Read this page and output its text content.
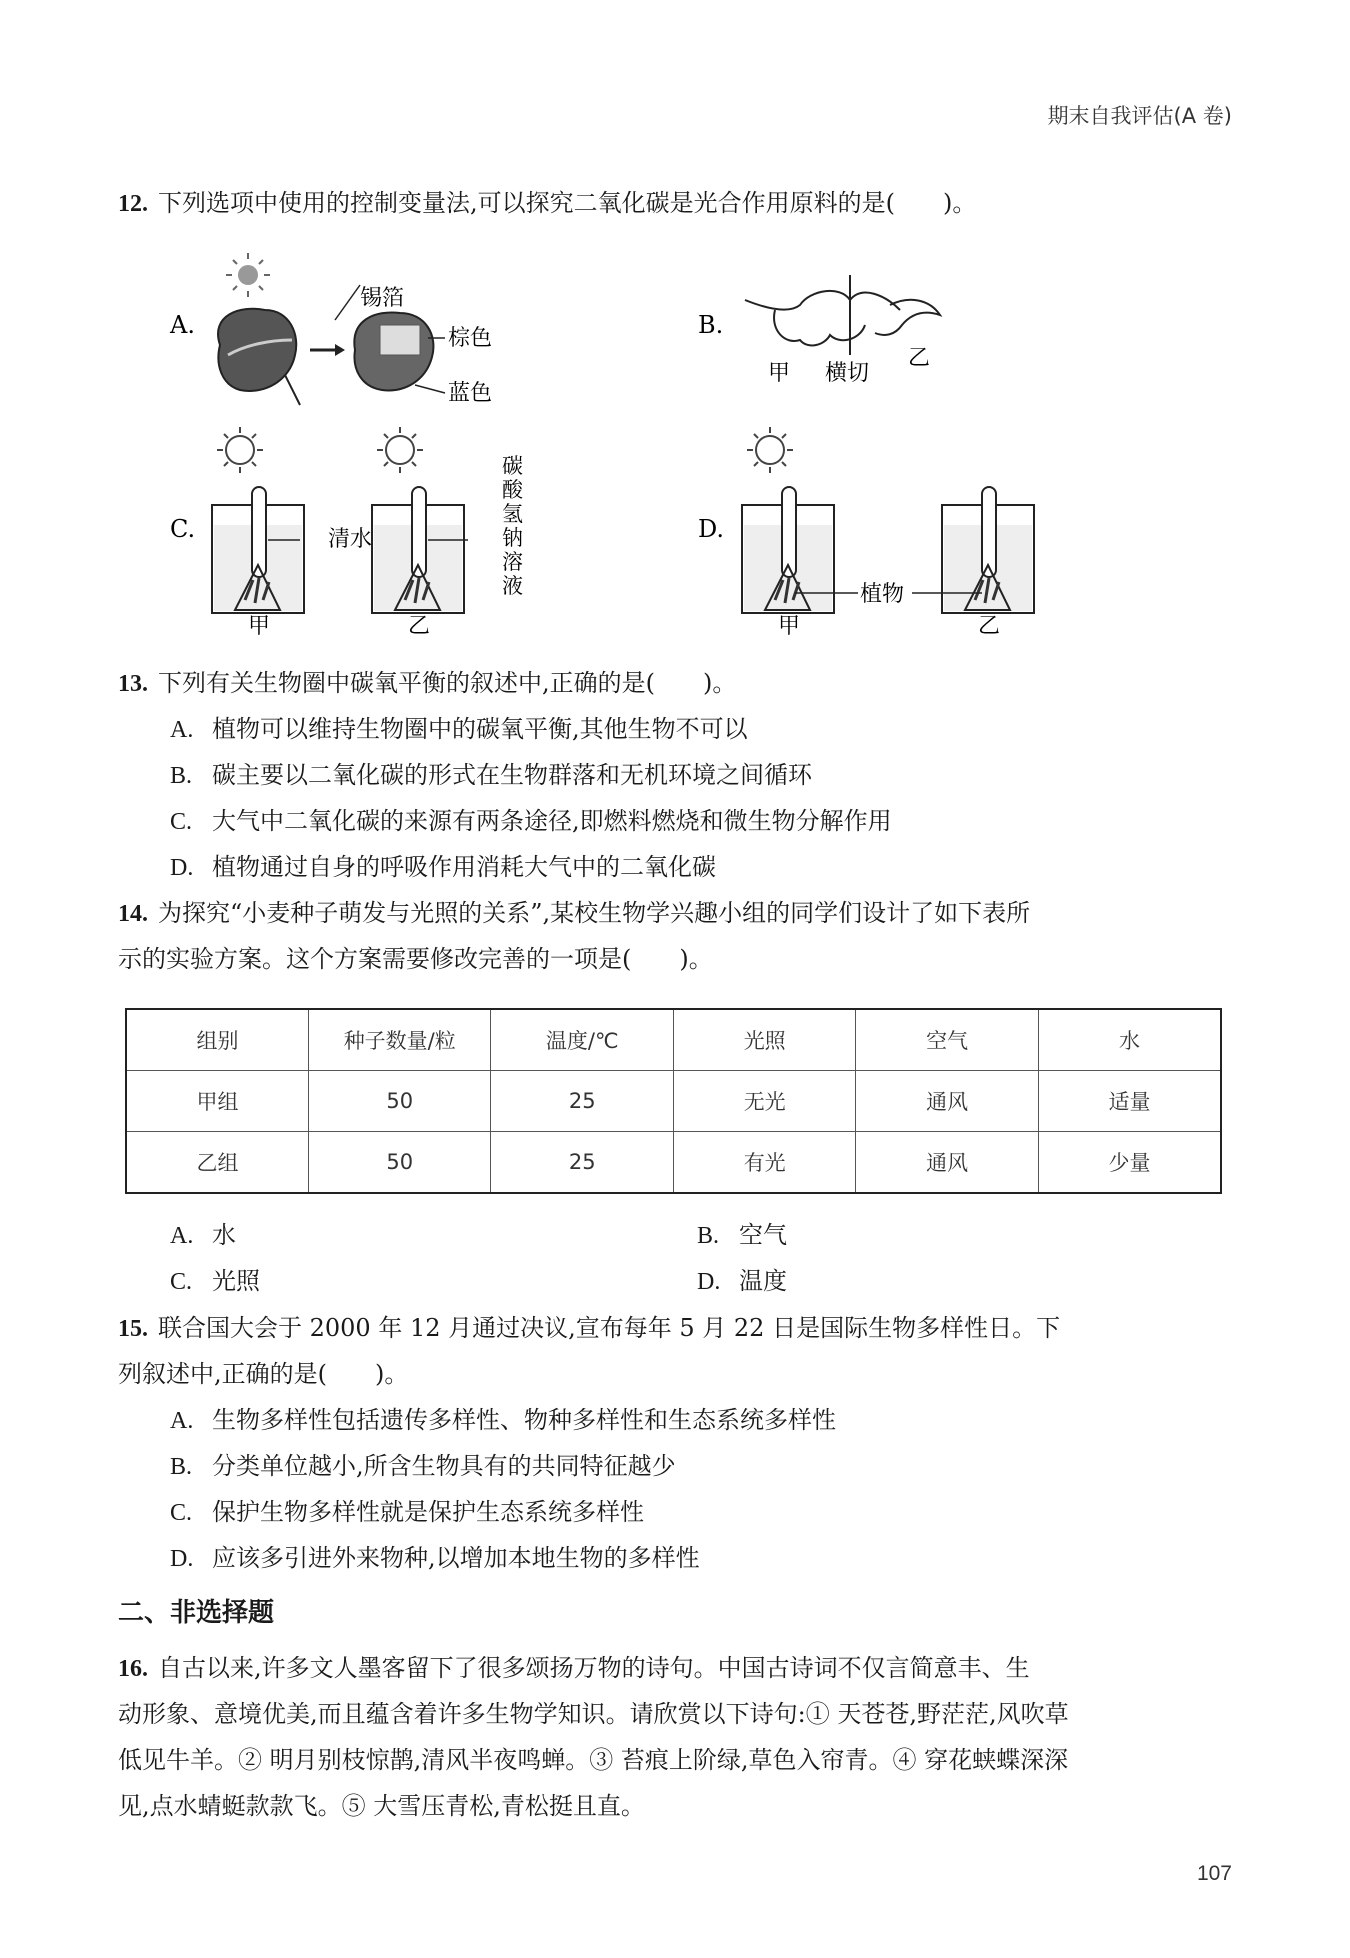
期末自我评估(A 卷)
12. 下列选项中使用的控制变量法,可以探究二氧化碳是光合作用原料的是(　　)。
A.
锡箔
棕色
蓝色
B.
甲 横切
乙
C.	清水
碳
酸
氢
钠
溶
液
甲	乙
D.
植物
甲	乙
13. 下列有关生物圈中碳氧平衡的叙述中,正确的是(　　)。
A. 植物可以维持生物圈中的碳氧平衡,其他生物不可以
B. 碳主要以二氧化碳的形式在生物群落和无机环境之间循环
C. 大气中二氧化碳的来源有两条途径,即燃料燃烧和微生物分解作用
D. 植物通过自身的呼吸作用消耗大气中的二氧化碳
14. 为探究“小麦种子萌发与光照的关系”,某校生物学兴趣小组的同学们设计了如下表所
示的实验方案。这个方案需要修改完善的一项是(　　)。
组别	种子数量/粒	温度/℃	光照	空气	水
甲组	50	25	无光	通风	适量
乙组	50	25	有光	通风	少量
A. 水	B. 空气
C. 光照	D. 温度
15. 联合国大会于 2000 年 12 月通过决议,宣布每年 5 月 22 日是国际生物多样性日。下
列叙述中,正确的是(　　)。
A. 生物多样性包括遗传多样性、物种多样性和生态系统多样性
B. 分类单位越小,所含生物具有的共同特征越少
C. 保护生物多样性就是保护生态系统多样性
D. 应该多引进外来物种,以增加本地生物的多样性
二、非选择题
16. 自古以来,许多文人墨客留下了很多颂扬万物的诗句。中国古诗词不仅言简意丰、生
动形象、意境优美,而且蕴含着许多生物学知识。请欣赏以下诗句:① 天苍苍,野茫茫,风吹草
低见牛羊。② 明月别枝惊鹊,清风半夜鸣蝉。③ 苔痕上阶绿,草色入帘青。④ 穿花蛱蝶深深
见,点水蜻蜓款款飞。⑤ 大雪压青松,青松挺且直。
107
